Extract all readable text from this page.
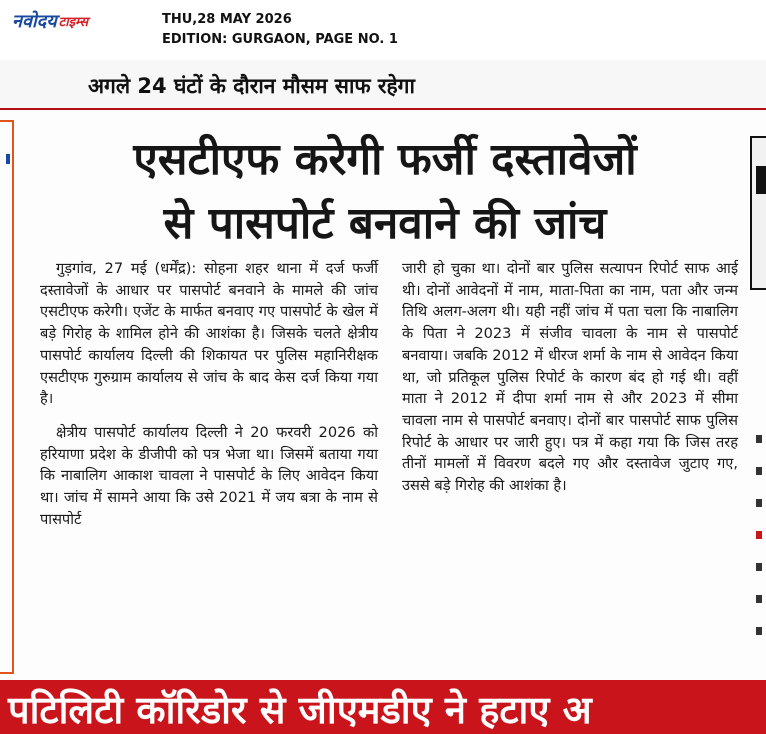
नवोदय टाइम्स	THU,28 MAY 2026
EDITION: GURGAON, PAGE NO. 1
अगले 24 घंटों के दौरान मौसम साफ रहेगा
एसटीएफ करेगी फर्जी दस्तावेजों
से पासपोर्ट बनवाने की जांच

गुड़गांव, 27 मई (धर्मेंद्र): सोहना शहर थाना में दर्ज फर्जी दस्तावेजों के आधार पर पासपोर्ट बनवाने के मामले की जांच एसटीएफ करेगी। एजेंट के मार्फत बनवाए गए पासपोर्ट के खेल में बड़े गिरोह के शामिल होने की आशंका है। जिसके चलते क्षेत्रीय पासपोर्ट कार्यालय दिल्ली की शिकायत पर पुलिस महानिरीक्षक एसटीएफ गुरुग्राम कार्यालय से जांच के बाद केस दर्ज किया गया है।

क्षेत्रीय पासपोर्ट कार्यालय दिल्ली ने 20 फरवरी 2026 को हरियाणा प्रदेश के डीजीपी को पत्र भेजा था। जिसमें बताया गया कि नाबालिग आकाश चावला ने पासपोर्ट के लिए आवेदन किया था। जांच में सामने आया कि उसे 2021 में जय बत्रा के नाम से पासपोर्ट

जारी हो चुका था। दोनों बार पुलिस सत्यापन रिपोर्ट साफ आई थी। दोनों आवेदनों में नाम, माता-पिता का नाम, पता और जन्म तिथि अलग-अलग थी। यही नहीं जांच में पता चला कि नाबालिग के पिता ने 2023 में संजीव चावला के नाम से पासपोर्ट बनवाया। जबकि 2012 में धीरज शर्मा के नाम से आवेदन किया था, जो प्रतिकूल पुलिस रिपोर्ट के कारण बंद हो गई थी। वहीं माता ने 2012 में दीपा शर्मा नाम से और 2023 में सीमा चावला नाम से पासपोर्ट बनवाए। दोनों बार पासपोर्ट साफ पुलिस रिपोर्ट के आधार पर जारी हुए। पत्र में कहा गया कि जिस तरह तीनों मामलों में विवरण बदले गए और दस्तावेज जुटाए गए, उससे बड़े गिरोह की आशंका है।

पटिलिटी कॉरिडोर से जीएमडीए ने हटाए अ
